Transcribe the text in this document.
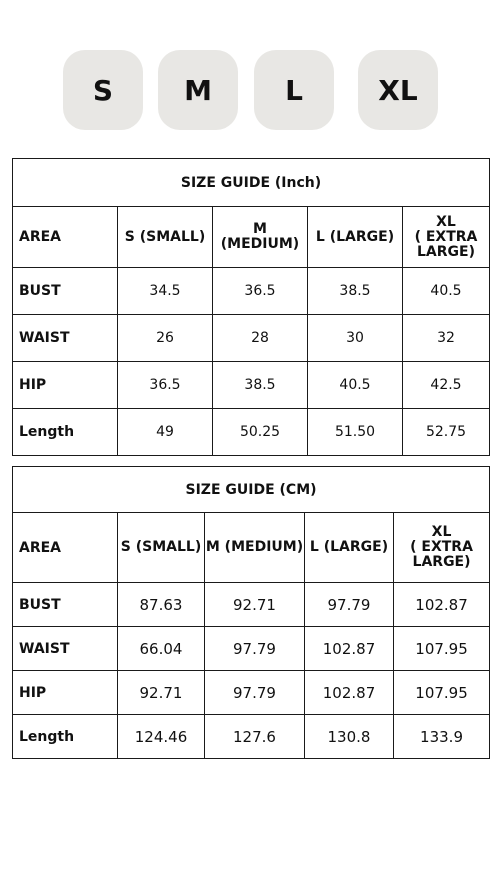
S	M	L	XL
SIZE GUIDE (Inch)				
AREA	S (SMALL)	M (MEDIUM)	L (LARGE)	XL
( EXTRA
LARGE)
BUST	34.5	36.5	38.5	40.5
WAIST	26	28	30	32
HIP	36.5	38.5	40.5	42.5
Length	49	50.25	51.50	52.75
SIZE GUIDE (CM)				
AREA	S (SMALL)	M (MEDIUM)	L (LARGE)	XL
( EXTRA
LARGE)
BUST	87.63	92.71	97.79	102.87
WAIST	66.04	97.79	102.87	107.95
HIP	92.71	97.79	102.87	107.95
Length	124.46	127.6	130.8	133.9
